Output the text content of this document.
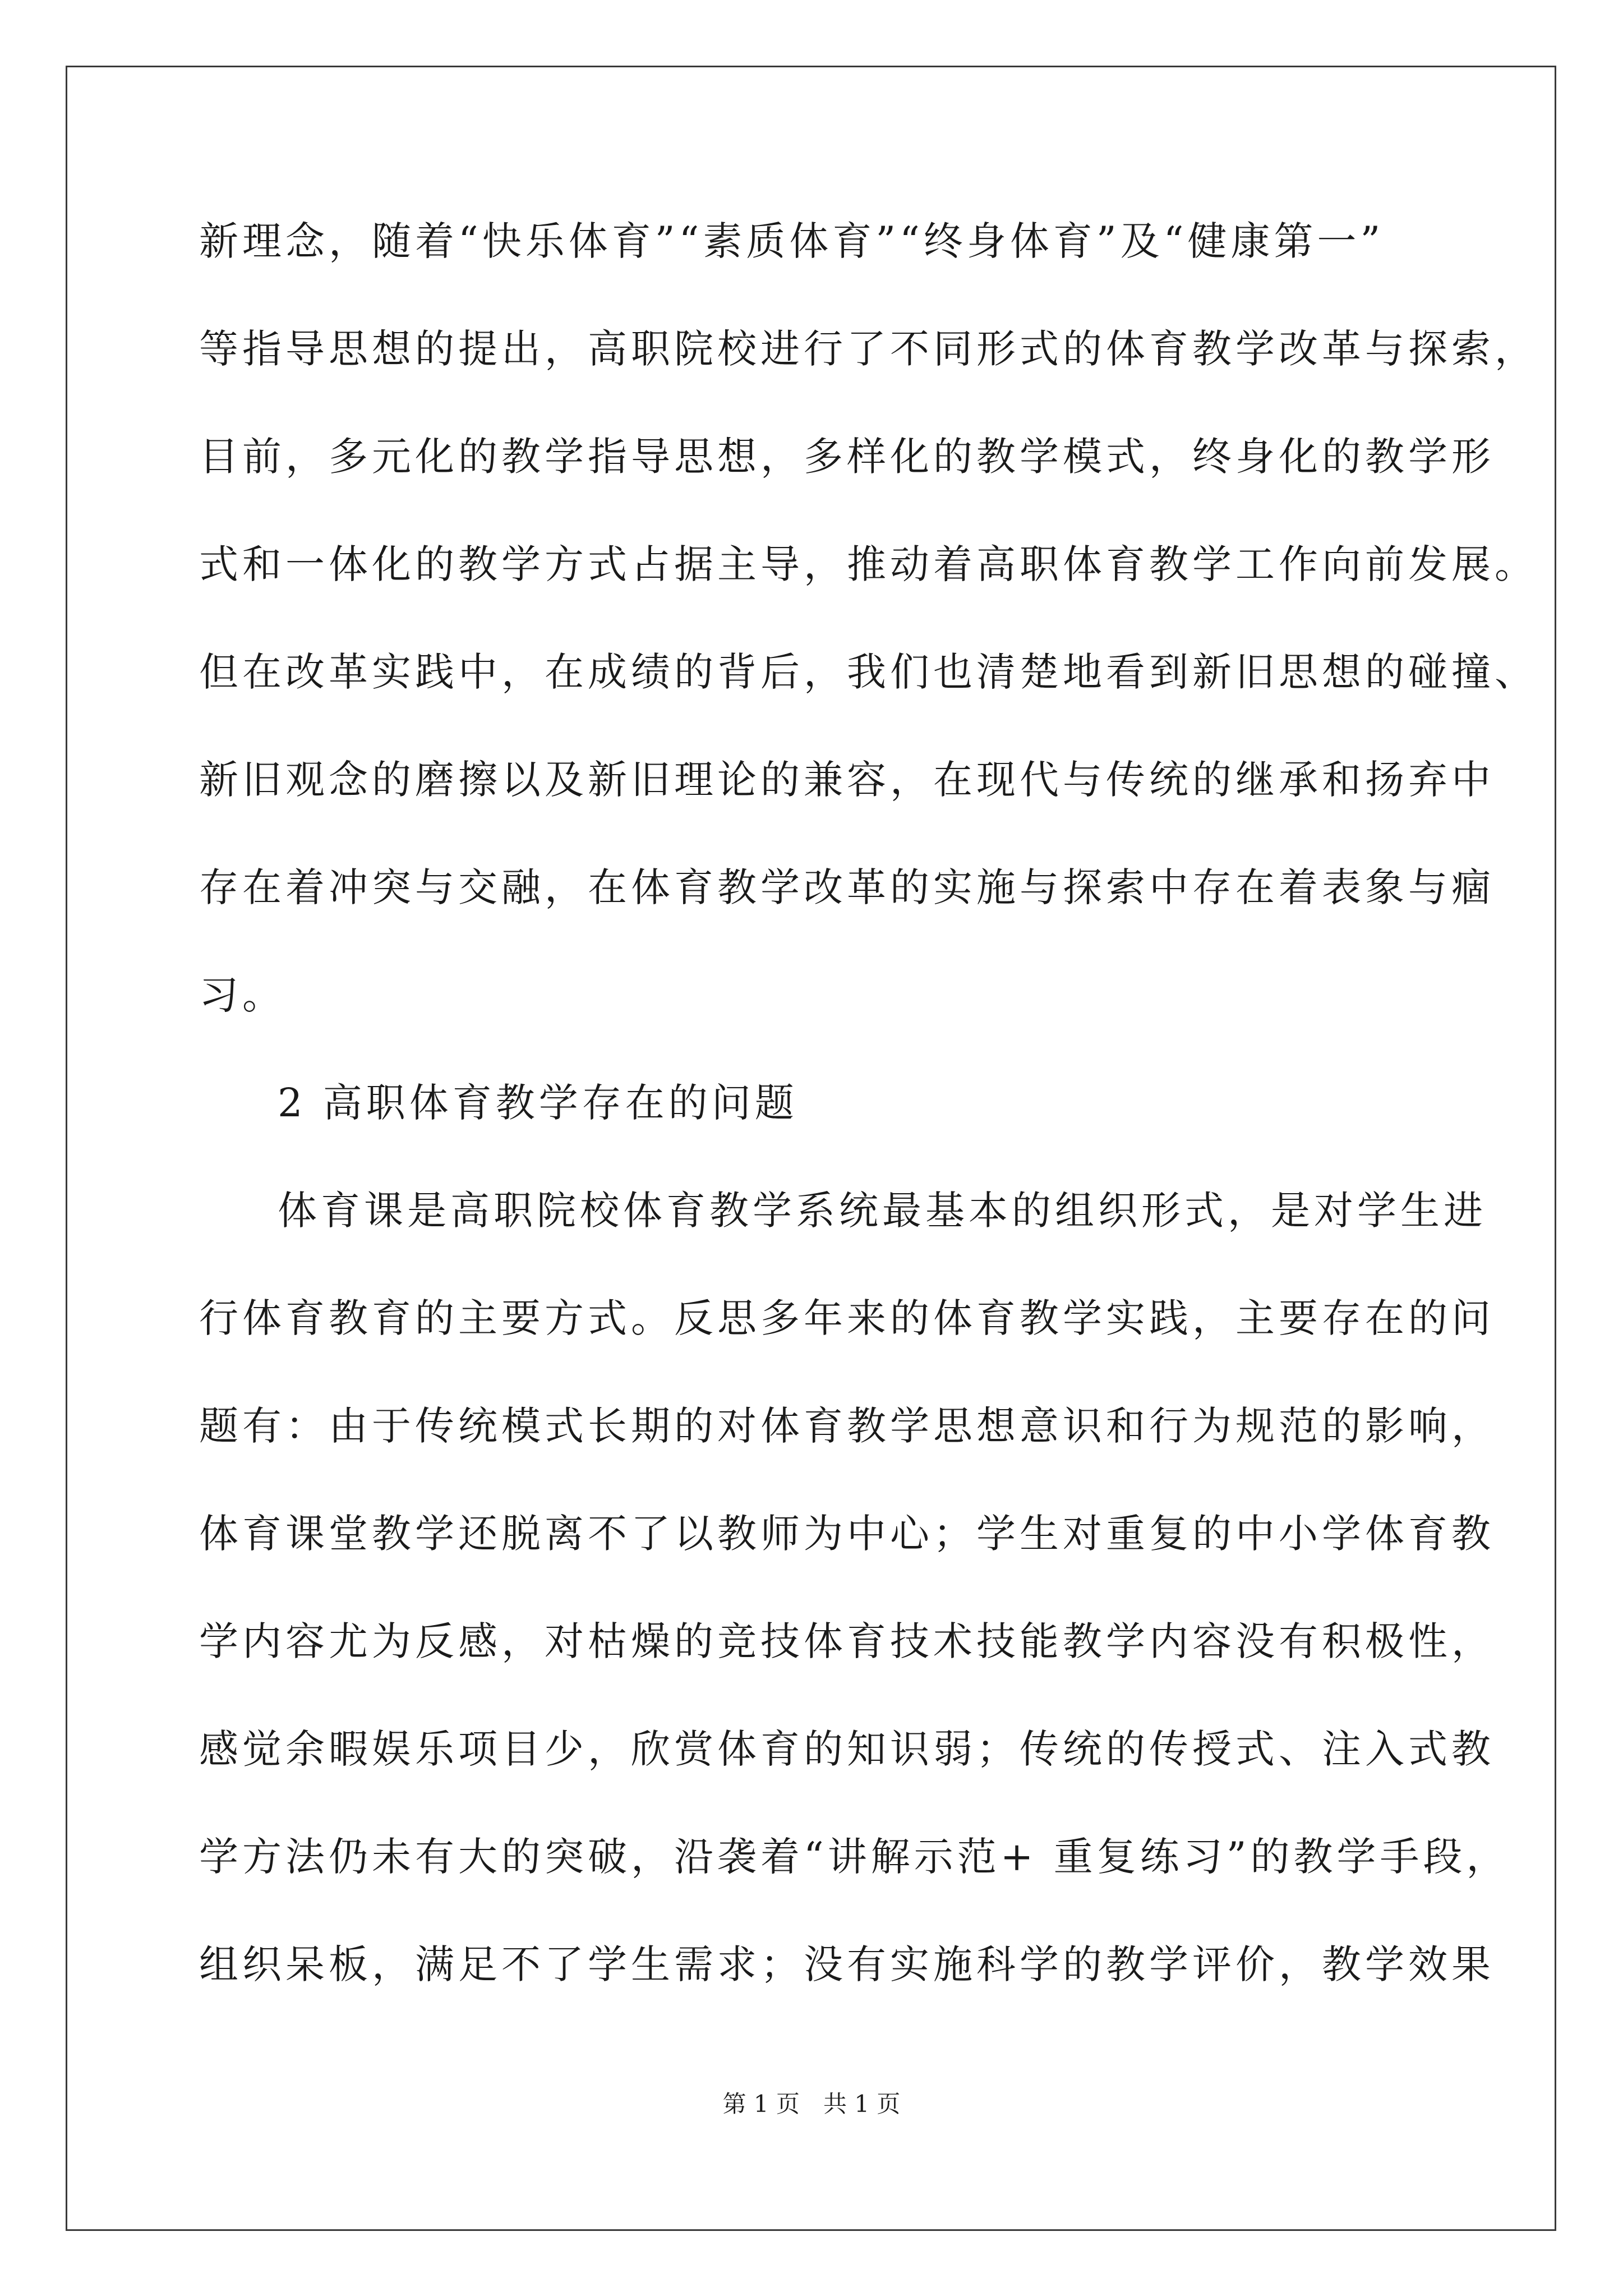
新理念，随着“快乐体育”“素质体育”“终身体育”及“健康第一”
等指导思想的提出，高职院校进行了不同形式的体育教学改革与探索，
目前，多元化的教学指导思想，多样化的教学模式，终身化的教学形
式和一体化的教学方式占据主导，推动着高职体育教学工作向前发展。
但在改革实践中，在成绩的背后，我们也清楚地看到新旧思想的碰撞、
新旧观念的磨擦以及新旧理论的兼容，在现代与传统的继承和扬弃中
存在着冲突与交融，在体育教学改革的实施与探索中存在着表象与痼
习。
2 高职体育教学存在的问题
体育课是高职院校体育教学系统最基本的组织形式，是对学生进
行体育教育的主要方式。反思多年来的体育教学实践，主要存在的问
题有：由于传统模式长期的对体育教学思想意识和行为规范的影响，
体育课堂教学还脱离不了以教师为中心；学生对重复的中小学体育教
学内容尤为反感，对枯燥的竞技体育技术技能教学内容没有积极性，
感觉余暇娱乐项目少，欣赏体育的知识弱；传统的传授式、注入式教
学方法仍未有大的突破，沿袭着“讲解示范+ 重复练习”的教学手段，
组织呆板，满足不了学生需求；没有实施科学的教学评价，教学效果
第 1 页　共 1 页
